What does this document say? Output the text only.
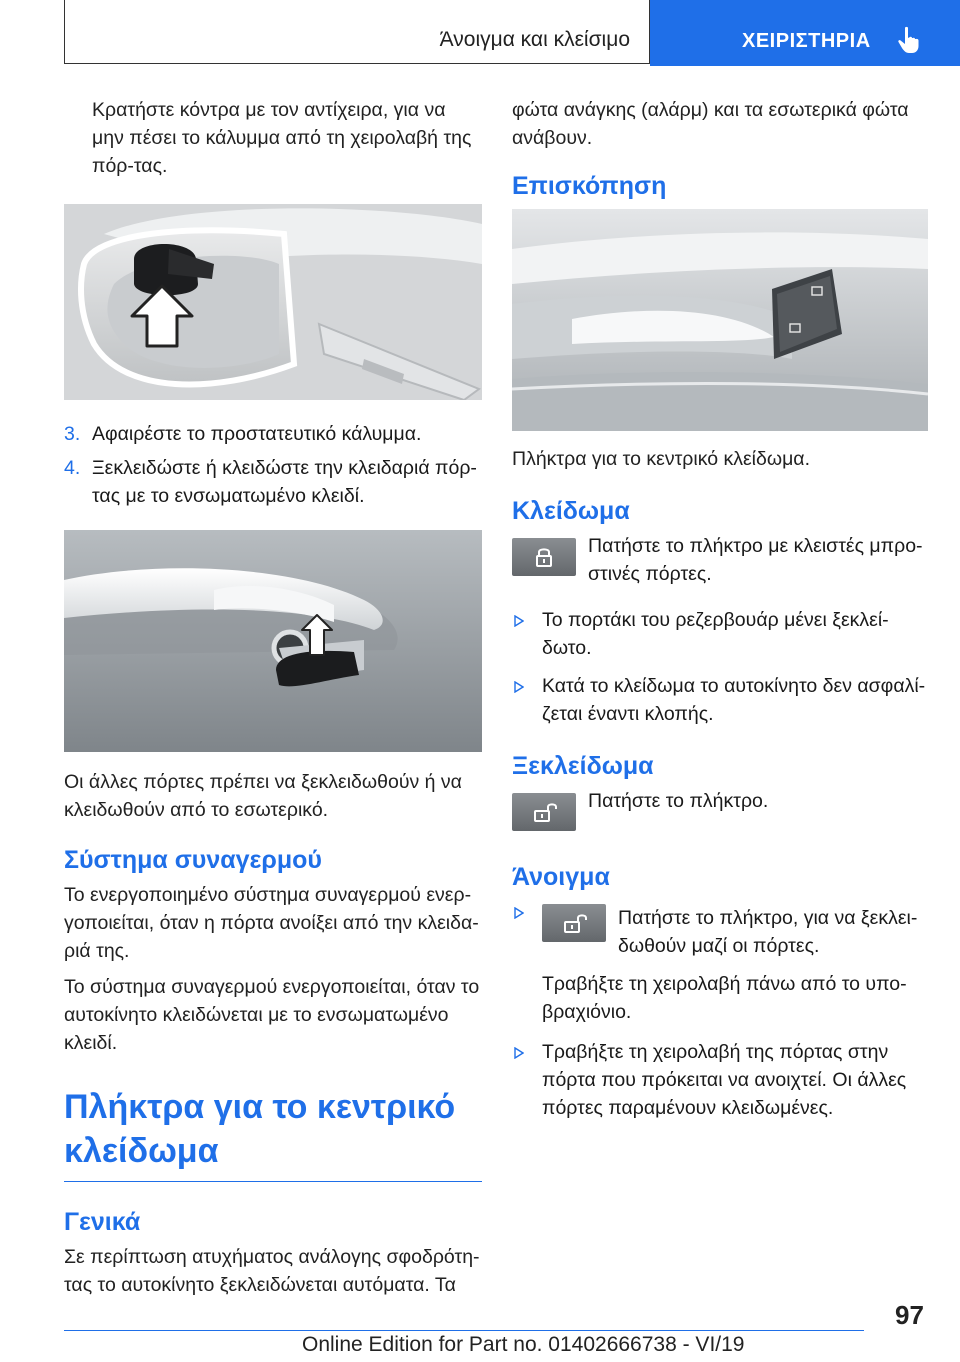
Άνοιγμα και κλείσιμο	ΧΕΙΡΙΣΤΗΡΙΑ

Κρατήστε κόντρα με τον αντίχειρα, για να μην πέσει το κάλυμμα από τη χειρολαβή της πόρ-τας.

3. Αφαιρέστε το προστατευτικό κάλυμμα.
4. Ξεκλειδώστε ή κλειδώστε την κλειδαριά πόρ-τας με το ενσωματωμένο κλειδί.

Οι άλλες πόρτες πρέπει να ξεκλειδωθούν ή να κλειδωθούν από το εσωτερικό.

Σύστημα συναγερμού

Το ενεργοποιημένο σύστημα συναγερμού ενερ-γοποιείται, όταν η πόρτα ανοίξει από την κλειδα-ριά της.

Το σύστημα συναγερμού ενεργοποιείται, όταν το αυτοκίνητο κλειδώνεται με το ενσωματωμένο κλειδί.

Πλήκτρα για το κεντρικό κλείδωμα
Γενικά

Σε περίπτωση ατυχήματος ανάλογης σφοδρότη-τας το αυτοκίνητο ξεκλειδώνεται αυτόματα. Τα

φώτα ανάγκης (αλάρμ) και τα εσωτερικά φώτα ανάβουν.

Επισκόπηση

Πλήκτρα για το κεντρικό κλείδωμα.

Κλείδωμα

Πατήστε το πλήκτρο με κλειστές μπρο-στινές πόρτες.

Το πορτάκι του ρεζερβουάρ μένει ξεκλεί-δωτο.
Κατά το κλείδωμα το αυτοκίνητο δεν ασφαλί-ζεται έναντι κλοπής.
Ξεκλείδωμα

Πατήστε το πλήκτρο.

Άνοιγμα

Πατήστε το πλήκτρο, για να ξεκλει-δωθούν μαζί οι πόρτες.

Τραβήξτε τη χειρολαβή πάνω από το υπο-βραχιόνιο.

Τραβήξτε τη χειρολαβή της πόρτας στην πόρτα που πρόκειται να ανοιχτεί. Οι άλλες πόρτες παραμένουν κλειδωμένες.
97
Online Edition for Part no. 01402666738 - VI/19
